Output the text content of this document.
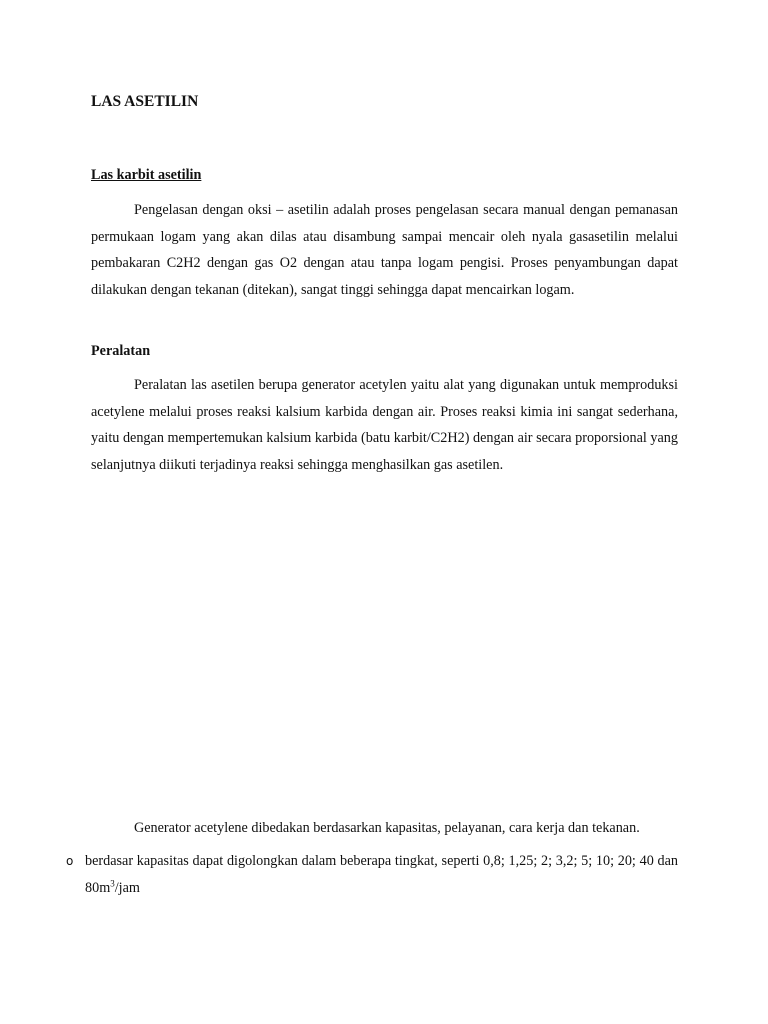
LAS ASETILIN
Las karbit asetilin

Pengelasan dengan oksi – asetilin adalah proses pengelasan secara manual dengan pemanasan permukaan logam yang akan dilas atau disambung sampai mencair oleh nyala gasasetilin melalui pembakaran C2H2 dengan gas O2 dengan atau tanpa logam pengisi. Proses penyambungan dapat dilakukan dengan tekanan (ditekan), sangat tinggi sehingga dapat mencairkan logam.

Peralatan

Peralatan las asetilen berupa generator acetylen yaitu alat yang digunakan untuk memproduksi acetylene melalui proses reaksi kalsium karbida dengan air. Proses reaksi kimia ini sangat sederhana, yaitu dengan mempertemukan kalsium karbida (batu karbit/C2H2) dengan air secara proporsional yang selanjutnya diikuti terjadinya reaksi sehingga menghasilkan gas asetilen.

Generator acetylene dibedakan berdasarkan kapasitas, pelayanan, cara kerja dan tekanan.

o berdasar kapasitas dapat digolongkan dalam beberapa tingkat, seperti 0,8; 1,25; 2; 3,2; 5; 10; 20; 40 dan $80m^3$/jam
